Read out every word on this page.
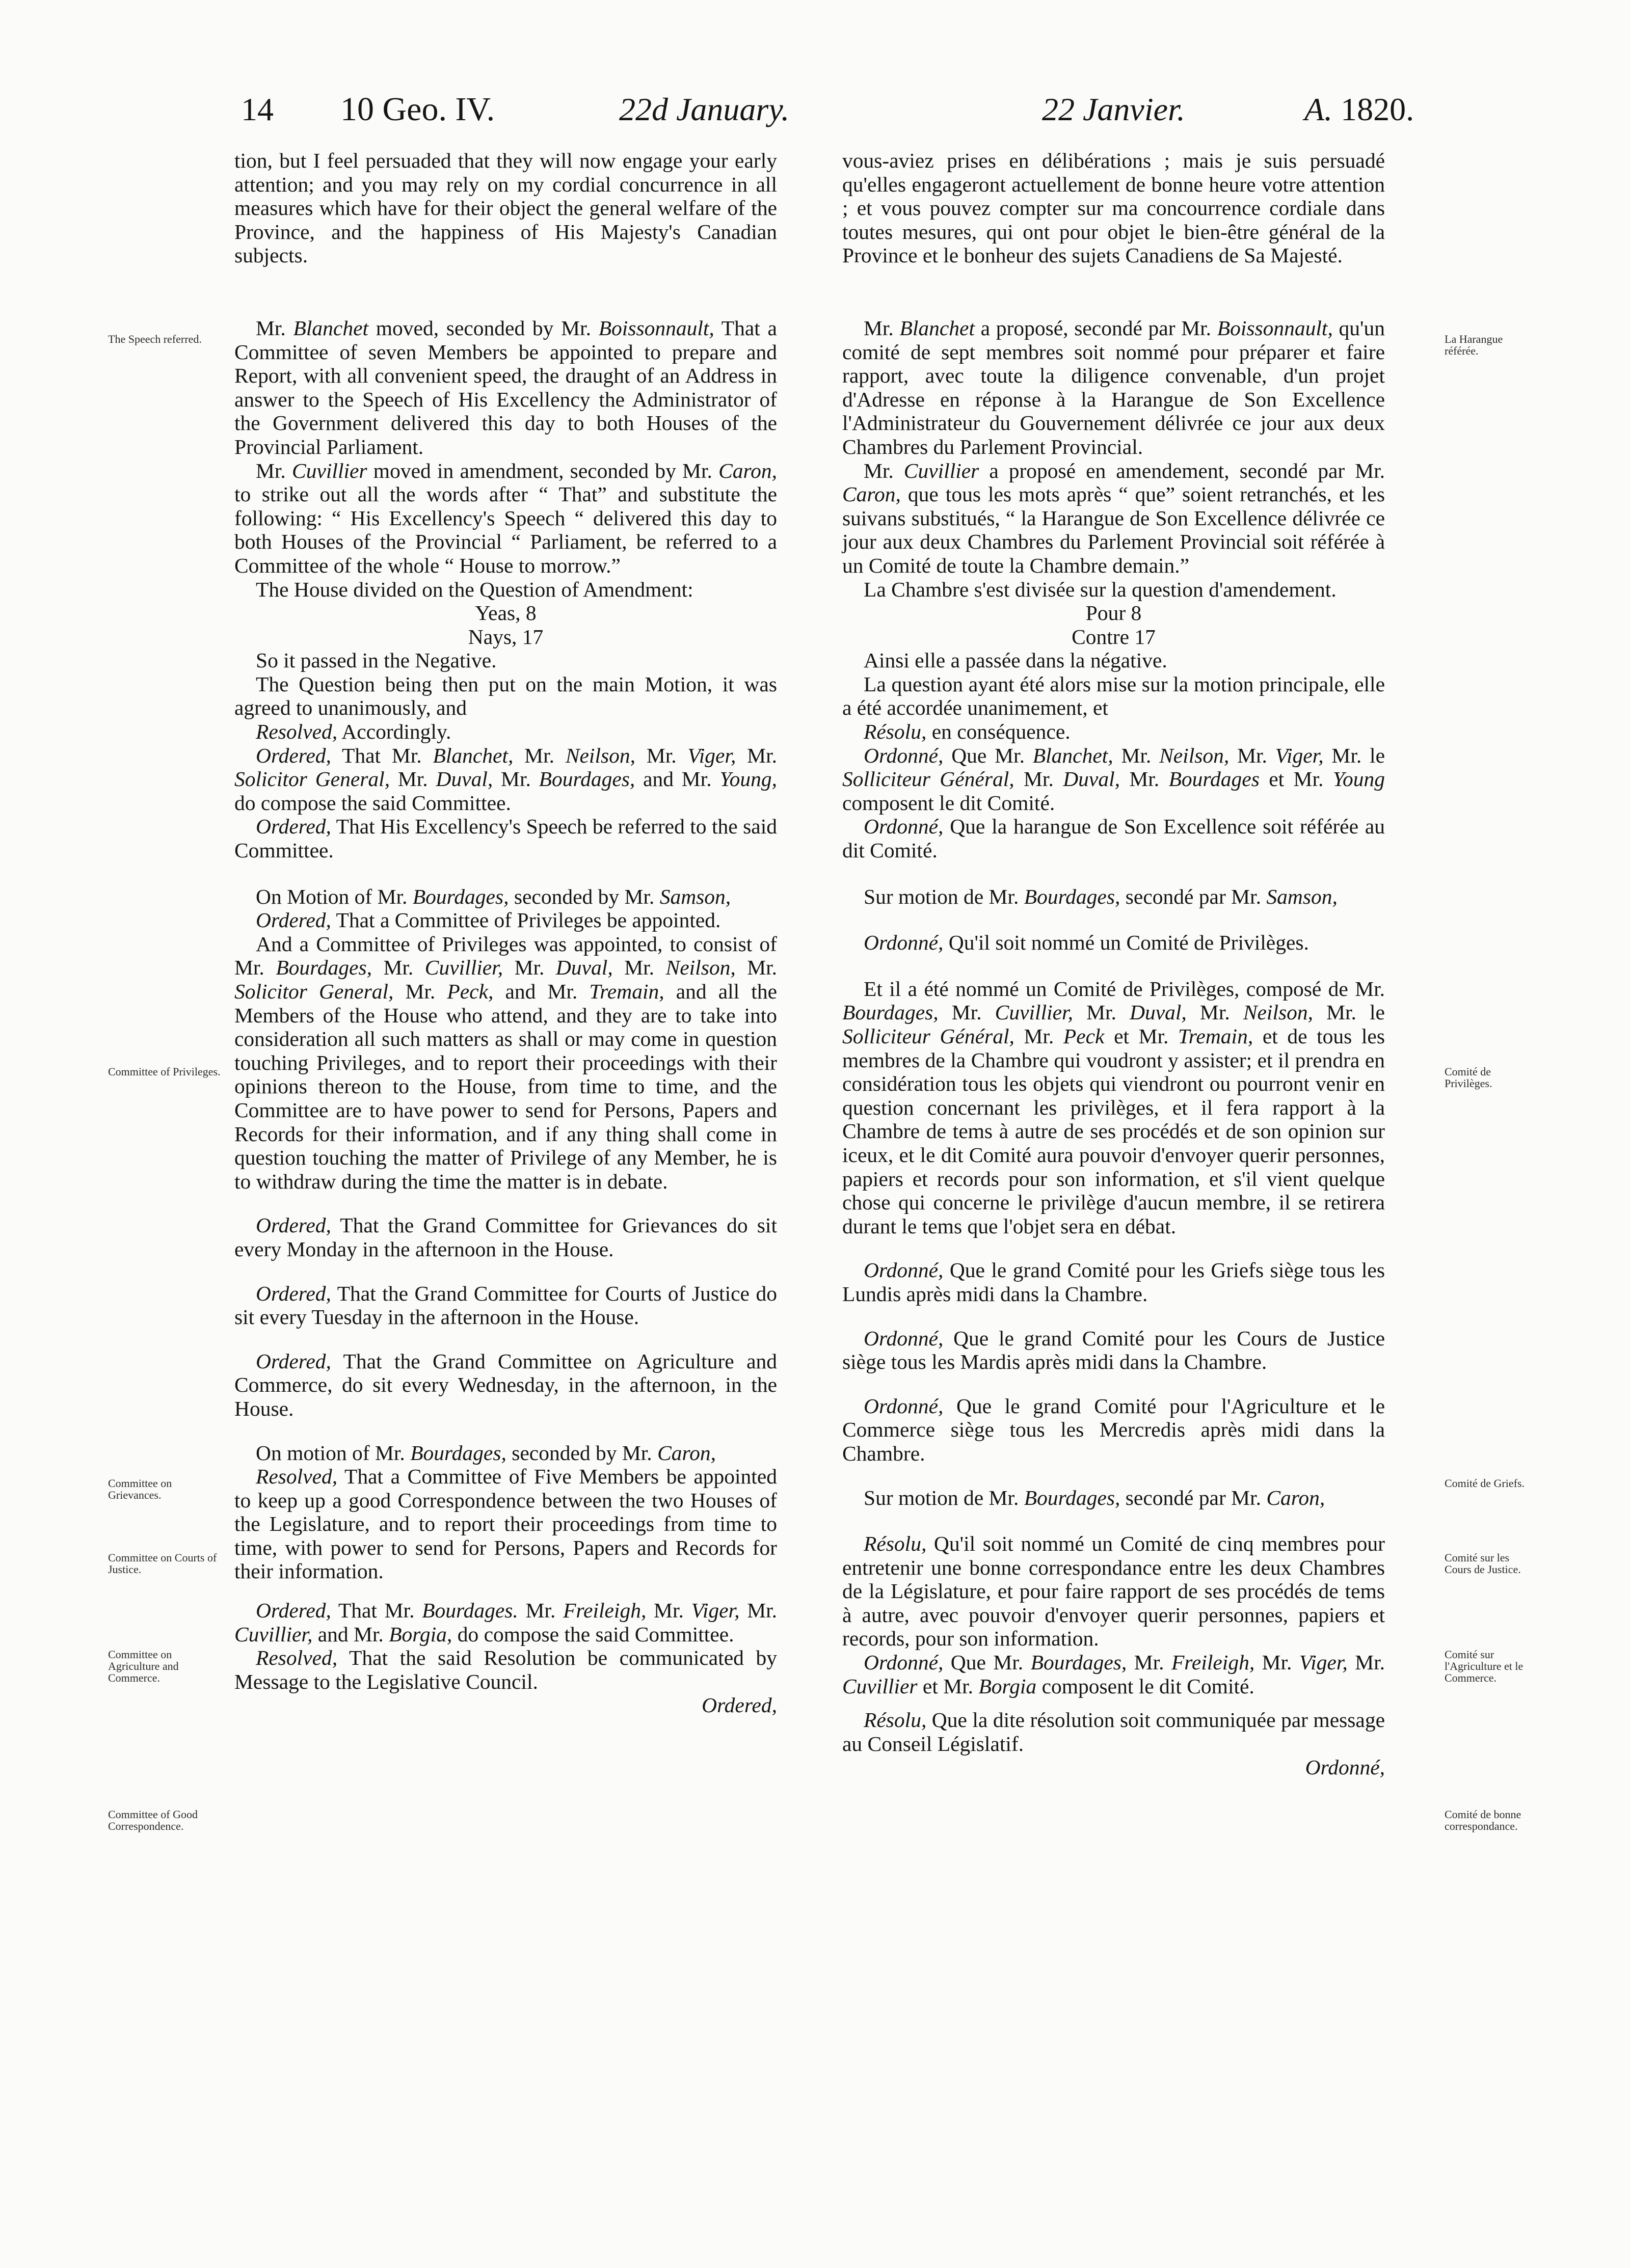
14 10 Geo. IV.	22d January.	22 Janvier.	A. 1820.

tion, but I feel persuaded that they will now engage your early attention; and you may rely on my cordial concurrence in all measures which have for their object the general welfare of the Province, and the happiness of His Majesty's Canadian subjects.

Mr. Blanchet moved, seconded by Mr. Boissonnault, That a Committee of seven Members be appointed to prepare and Report, with all convenient speed, the draught of an Address in answer to the Speech of His Excellency the Administrator of the Government delivered this day to both Houses of the Provincial Parliament.

Mr. Cuvillier moved in amendment, seconded by Mr. Caron, to strike out all the words after “ That” and substitute the following: “ His Excellency's Speech “ delivered this day to both Houses of the Provincial “ Parliament, be referred to a Committee of the whole “ House to morrow.”

The House divided on the Question of Amendment:

Yeas, 8

Nays, 17

So it passed in the Negative.

The Question being then put on the main Motion, it was agreed to unanimously, and

Resolved, Accordingly.

Ordered, That Mr. Blanchet, Mr. Neilson, Mr. Viger, Mr. Solicitor General, Mr. Duval, Mr. Bourdages, and Mr. Young, do compose the said Committee.

Ordered, That His Excellency's Speech be referred to the said Committee.

On Motion of Mr. Bourdages, seconded by Mr. Samson,

Ordered, That a Committee of Privileges be appointed.

And a Committee of Privileges was appointed, to consist of Mr. Bourdages, Mr. Cuvillier, Mr. Duval, Mr. Neilson, Mr. Solicitor General, Mr. Peck, and Mr. Tremain, and all the Members of the House who attend, and they are to take into consideration all such matters as shall or may come in question touching Privileges, and to report their proceedings with their opinions thereon to the House, from time to time, and the Committee are to have power to send for Persons, Papers and Records for their information, and if any thing shall come in question touching the matter of Privilege of any Member, he is to withdraw during the time the matter is in debate.

Ordered, That the Grand Committee for Grievances do sit every Monday in the afternoon in the House.

Ordered, That the Grand Committee for Courts of Justice do sit every Tuesday in the afternoon in the House.

Ordered, That the Grand Committee on Agriculture and Commerce, do sit every Wednesday, in the afternoon, in the House.

On motion of Mr. Bourdages, seconded by Mr. Caron,

Resolved, That a Committee of Five Members be appointed to keep up a good Correspondence between the two Houses of the Legislature, and to report their proceedings from time to time, with power to send for Persons, Papers and Records for their information.

Ordered, That Mr. Bourdages. Mr. Freileigh, Mr. Viger, Mr. Cuvillier, and Mr. Borgia, do compose the said Committee.

Resolved, That the said Resolution be communicated by Message to the Legislative Council.

Ordered,

vous-aviez prises en délibérations ; mais je suis persuadé qu'elles engageront actuellement de bonne heure votre attention ; et vous pouvez compter sur ma concourrence cordiale dans toutes mesures, qui ont pour objet le bien-être général de la Province et le bonheur des sujets Canadiens de Sa Majesté.

Mr. Blanchet a proposé, secondé par Mr. Boissonnault, qu'un comité de sept membres soit nommé pour préparer et faire rapport, avec toute la diligence convenable, d'un projet d'Adresse en réponse à la Harangue de Son Excellence l'Administrateur du Gouvernement délivrée ce jour aux deux Chambres du Parlement Provincial.

Mr. Cuvillier a proposé en amendement, secondé par Mr. Caron, que tous les mots après “ que” soient retranchés, et les suivans substitués, “ la Harangue de Son Excellence délivrée ce jour aux deux Chambres du Parlement Provincial soit référée à un Comité de toute la Chambre demain.”

La Chambre s'est divisée sur la question d'amendement.

Pour 8

Contre 17

Ainsi elle a passée dans la négative.

La question ayant été alors mise sur la motion principale, elle a été accordée unanimement, et

Résolu, en conséquence.

Ordonné, Que Mr. Blanchet, Mr. Neilson, Mr. Viger, Mr. le Solliciteur Général, Mr. Duval, Mr. Bourdages et Mr. Young composent le dit Comité.

Ordonné, Que la harangue de Son Excellence soit référée au dit Comité.

Sur motion de Mr. Bourdages, secondé par Mr. Samson,

Ordonné, Qu'il soit nommé un Comité de Privilèges.

Et il a été nommé un Comité de Privilèges, composé de Mr. Bourdages, Mr. Cuvillier, Mr. Duval, Mr. Neilson, Mr. le Solliciteur Général, Mr. Peck et Mr. Tremain, et de tous les membres de la Chambre qui voudront y assister; et il prendra en considération tous les objets qui viendront ou pourront venir en question concernant les privilèges, et il fera rapport à la Chambre de tems à autre de ses procédés et de son opinion sur iceux, et le dit Comité aura pouvoir d'envoyer querir personnes, papiers et records pour son information, et s'il vient quelque chose qui concerne le privilège d'aucun membre, il se retirera durant le tems que l'objet sera en débat.

Ordonné, Que le grand Comité pour les Griefs siège tous les Lundis après midi dans la Chambre.

Ordonné, Que le grand Comité pour les Cours de Justice siège tous les Mardis après midi dans la Chambre.

Ordonné, Que le grand Comité pour l'Agriculture et le Commerce siège tous les Mercredis après midi dans la Chambre.

Sur motion de Mr. Bourdages, secondé par Mr. Caron,

Résolu, Qu'il soit nommé un Comité de cinq membres pour entretenir une bonne correspondance entre les deux Chambres de la Législature, et pour faire rapport de ses procédés de tems à autre, avec pouvoir d'envoyer querir personnes, papiers et records, pour son information.

Ordonné, Que Mr. Bourdages, Mr. Freileigh, Mr. Viger, Mr. Cuvillier et Mr. Borgia composent le dit Comité.

Résolu, Que la dite résolution soit communiquée par message au Conseil Législatif.

Ordonné,

The Speech referred.
Committee of Privileges.
Committee on Grievances.
Committee on Courts of Justice.
Committee on Agriculture and Commerce.
Committee of Good Correspondence.
La Harangue référée.
Comité de Privilèges.
Comité de Griefs.
Comité sur les Cours de Justice.
Comité sur l'Agriculture et le Commerce.
Comité de bonne correspondance.
